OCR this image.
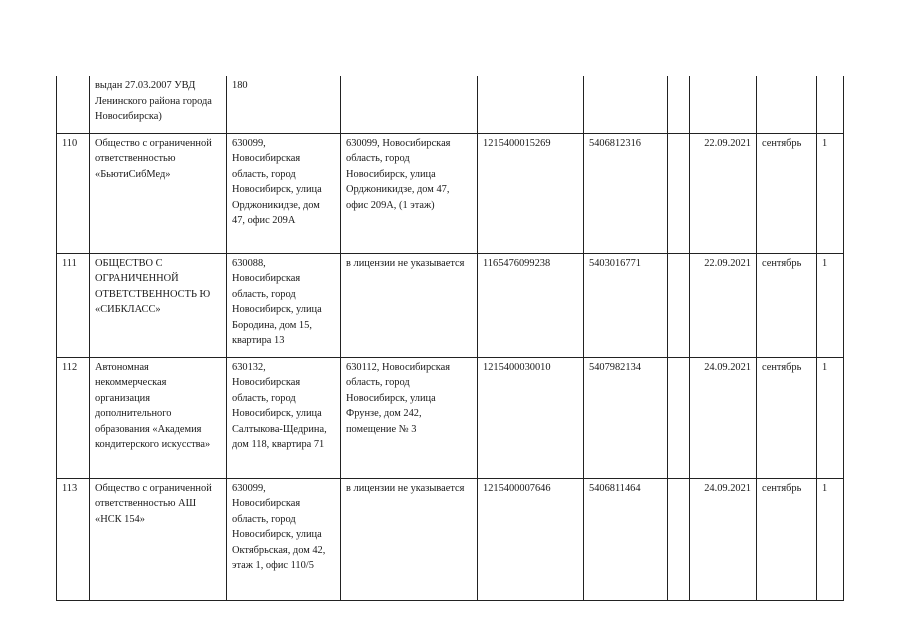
	выдан 27.03.2007 УВД Ленинского района города Новосибирска)	180							
110	Общество с ограниченной ответственностью «БьютиСибМед»	630099, Новосибирская область, город Новосибирск, улица Орджоникидзе, дом 47, офис 209А	630099, Новосибирская область, город Новосибирск, улица Орджоникидзе, дом 47, офис 209А, (1 этаж)	1215400015269	5406812316		22.09.2021	сентябрь	1
111	ОБЩЕСТВО С ОГРАНИЧЕННОЙ ОТВЕТСТВЕННОСТЬ Ю «СИБКЛАСС»	630088, Новосибирская область, город Новосибирск, улица Бородина, дом 15, квартира 13	в лицензии не указывается	1165476099238	5403016771		22.09.2021	сентябрь	1
112	Автономная некоммерческая организация дополнительного образования «Академия кондитерского искусства»	630132, Новосибирская область, город Новосибирск, улица Салтыкова-Щедрина, дом 118, квартира 71	630112, Новосибирская область, город Новосибирск, улица Фрунзе, дом 242, помещение № 3	1215400030010	5407982134		24.09.2021	сентябрь	1
113	Общество с ограниченной ответственностью АШ «НСК 154»	630099, Новосибирская область, город Новосибирск, улица Октябрьская, дом 42, этаж 1, офис 110/5	в лицензии не указывается	1215400007646	5406811464		24.09.2021	сентябрь	1
